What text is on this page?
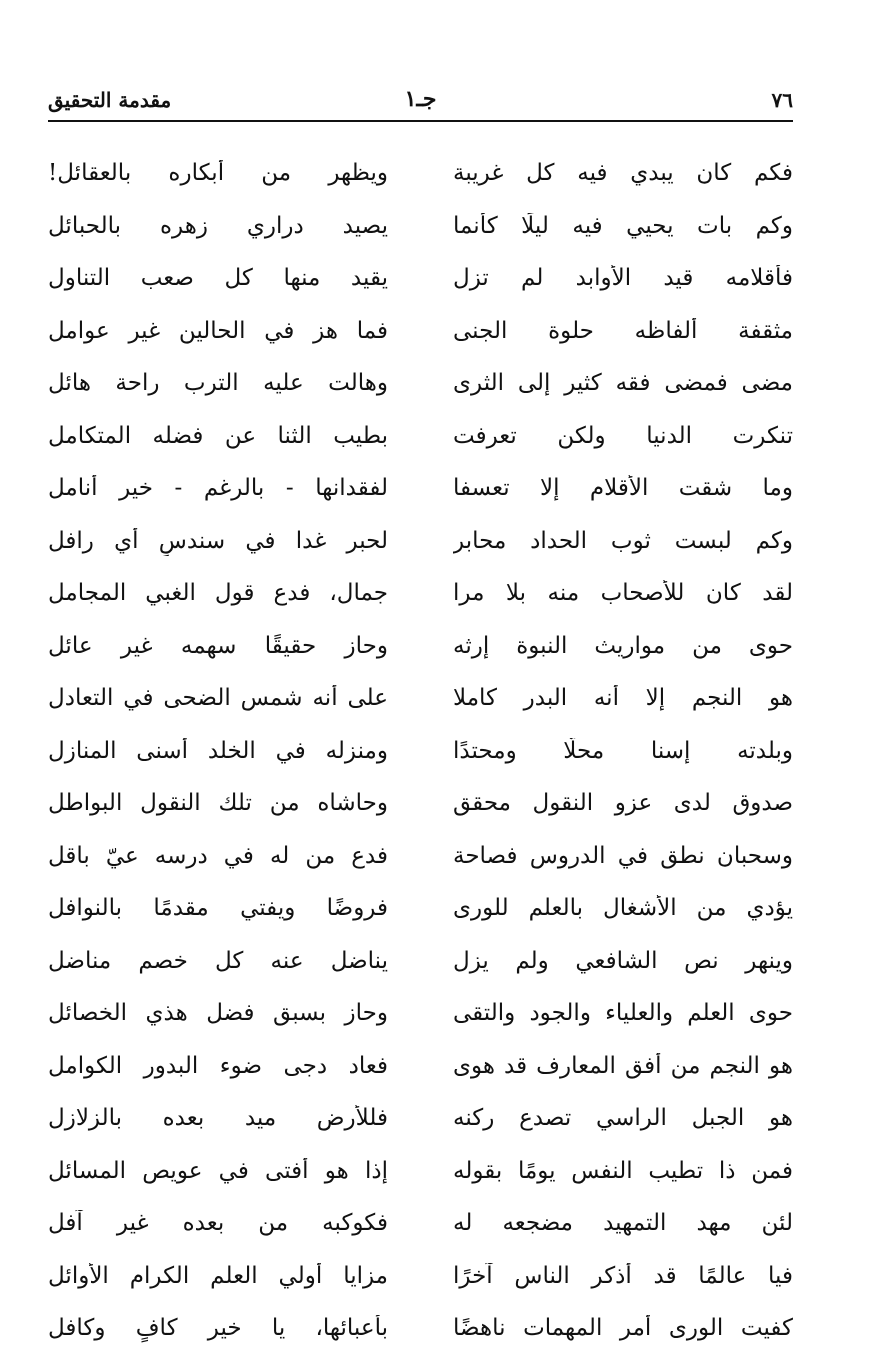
٧٦
جـ١
مقدمة التحقيق
فكم كان يبدي فيه كل غريبة
ويظهر من أبكاره بالعقائل!
وكم بات يحيي فيه ليلًا كأنما
يصيد دراري زهره بالحبائل
فأقلامه قيد الأوابد لم تزل
يقيد منها كل صعب التناول
مثقفة ألفاظه حلوة الجنى
فما هز في الحالين غير عوامل
مضى فمضى فقه كثير إلى الثرى
وهالت عليه الترب راحة هائل
تنكرت الدنيا ولكن تعرفت
بطيب الثنا عن فضله المتكامل
وما شقت الأقلام إلا تعسفا
لفقدانها - بالرغم - خير أنامل
وكم لبست ثوب الحداد محابر
لحبر غدا في سندسٍ أي رافل
لقد كان للأصحاب منه بلا مرا
جمال، فدع قول الغبي المجامل
حوى من مواريث النبوة إرثه
وحاز حقيقًا سهمه غير عائل
هو النجم إلا أنه البدر كاملا
على أنه شمس الضحى في التعادل
وبلدته إسنا محلًّا ومحتدًا
ومنزله في الخلد أسنى المنازل
صدوق لدى عزو النقول محقق
وحاشاه من تلك النقول البواطل
وسحبان نطق في الدروس فصاحة
فدع من له في درسه عيّ باقل
يؤدي من الأشغال بالعلم للورى
فروضًا ويفتي مقدمًا بالنوافل
وينهر نص الشافعي ولم يزل
يناضل عنه كل خصم مناضل
حوى العلم والعلياء والجود والتقى
وحاز بسبق فضل هذي الخصائل
هو النجم من أفق المعارف قد هوى
فعاد دجى ضوء البدور الكوامل
هو الجبل الراسي تصدع ركنه
فللأرض ميد بعده بالزلازل
فمن ذا تطيب النفس يومًا بقوله
إذا هو أفتى في عويص المسائل
لئن مهد التمهيد مضجعه له
فكوكبه من بعده غير آفل
فيا عالمًا قد أذكر الناس آخرًا
مزايا أولي العلم الكرام الأوائل
كفيت الورى أمر المهمات ناهضًا
بأعبائها، يا خير كافٍ وكافل
